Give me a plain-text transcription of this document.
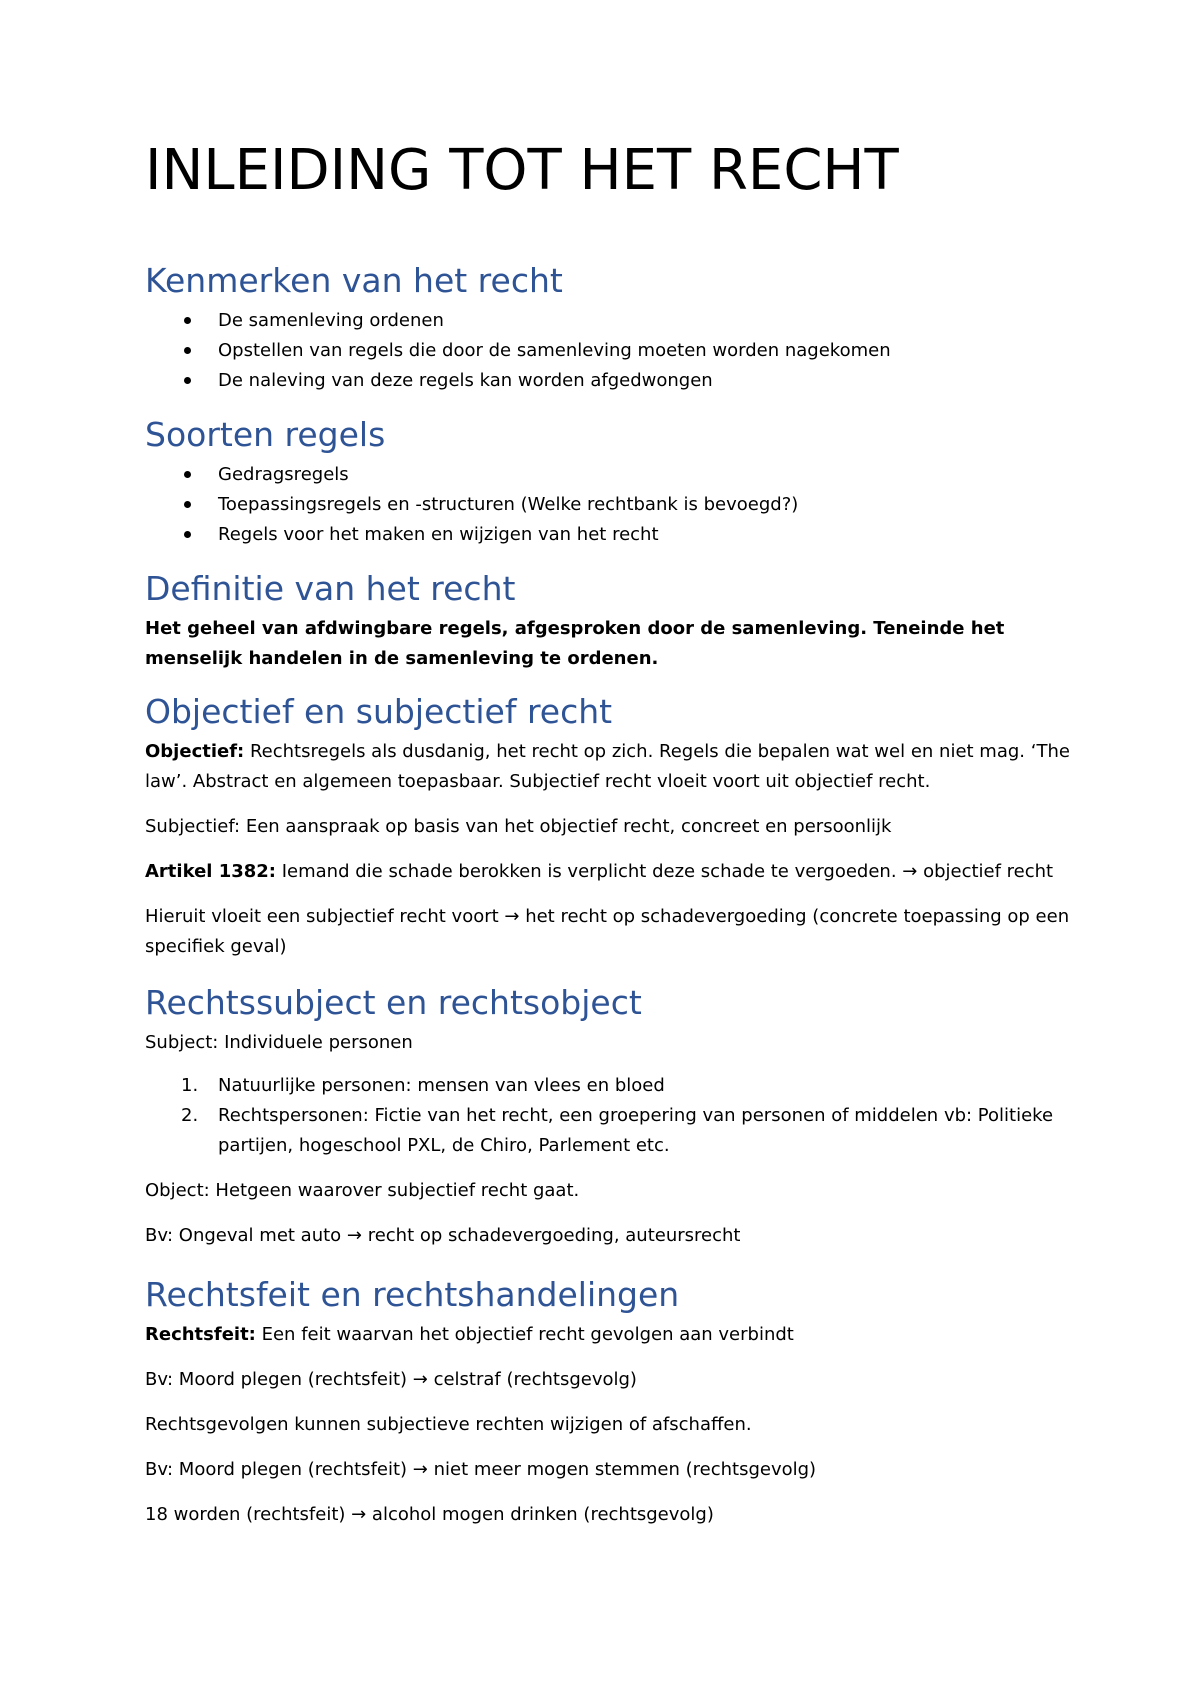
INLEIDING TOT HET RECHT
Kenmerken van het recht
De samenleving ordenen
Opstellen van regels die door de samenleving moeten worden nagekomen
De naleving van deze regels kan worden afgedwongen
Soorten regels
Gedragsregels
Toepassingsregels en -structuren (Welke rechtbank is bevoegd?)
Regels voor het maken en wijzigen van het recht
Definitie van het recht

Het geheel van afdwingbare regels, afgesproken door de samenleving. Teneinde het menselijk handelen in de samenleving te ordenen.

Objectief en subjectief recht

Objectief: Rechtsregels als dusdanig, het recht op zich. Regels die bepalen wat wel en niet mag. ‘The law’. Abstract en algemeen toepasbaar. Subjectief recht vloeit voort uit objectief recht.

Subjectief: Een aanspraak op basis van het objectief recht, concreet en persoonlijk

Artikel 1382: Iemand die schade berokken is verplicht deze schade te vergoeden. → objectief recht

Hieruit vloeit een subjectief recht voort → het recht op schadevergoeding (concrete toepassing op een specifiek geval)

Rechtssubject en rechtsobject

Subject: Individuele personen

1. Natuurlijke personen: mensen van vlees en bloed
2. Rechtspersonen: Fictie van het recht, een groepering van personen of middelen vb: Politieke partijen, hogeschool PXL, de Chiro, Parlement etc.

Object: Hetgeen waarover subjectief recht gaat.

Bv: Ongeval met auto → recht op schadevergoeding, auteursrecht

Rechtsfeit en rechtshandelingen

Rechtsfeit: Een feit waarvan het objectief recht gevolgen aan verbindt

Bv: Moord plegen (rechtsfeit) → celstraf (rechtsgevolg)

Rechtsgevolgen kunnen subjectieve rechten wijzigen of afschaffen.

Bv: Moord plegen (rechtsfeit) → niet meer mogen stemmen (rechtsgevolg)

18 worden (rechtsfeit) → alcohol mogen drinken (rechtsgevolg)
